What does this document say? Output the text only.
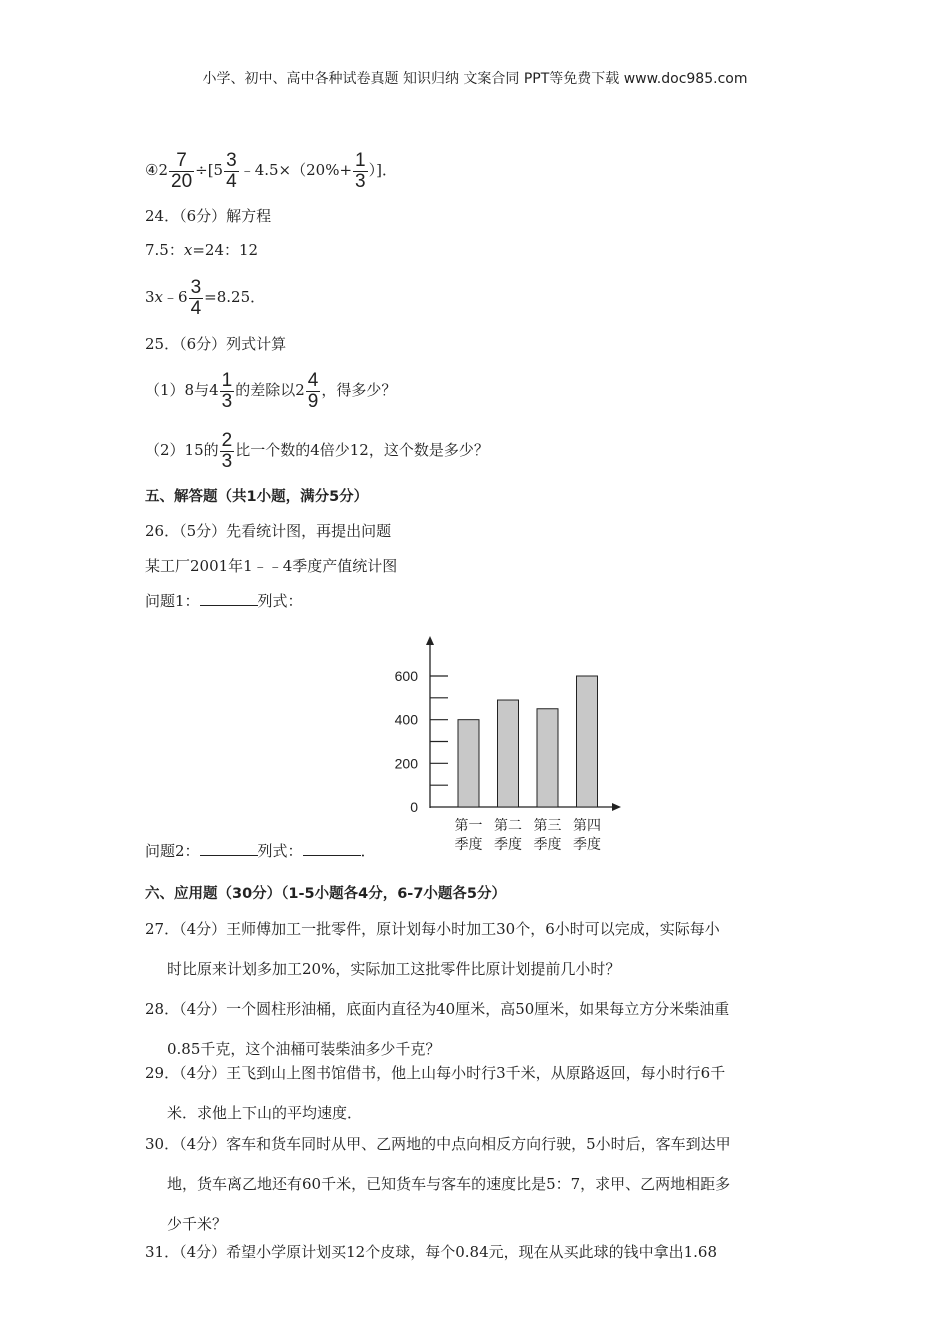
小学、初中、高中各种试卷真题 知识归纳 文案合同 PPT等免费下载 www.doc985.com
④2 $\frac{7}{20} \div[5 \frac{3}{4}$ ﹣4.5×（20%+ $\frac{1}{3}$ ）]．
24．（6分）解方程
7.5：x=24：12
3x﹣6 $\frac{3}{4} =8.25$．
25．（6分）列式计算
（1）8与$4 \frac{1}{3}$ 的差除以$2 \frac{4}{9}$ ，得多少？
（2）15的 $\frac{2}{3}$ 比一个数的4倍少12，这个数是多少？
五、解答题（共1小题，满分5分）
26．（5分）先看统计图，再提出问题
某工厂2001年1﹣﹣4季度产值统计图
问题1：	列式：
0
200
400
600
第一
季度
第二
季度
第三
季度
第四
季度
问题2：	列式：	．
六、应用题（30分）（1-5小题各4分，6-7小题各5分）
27．（4分）王师傅加工一批零件，原计划每小时加工30个，6小时可以完成，实际每小
时比原来计划多加工20%，实际加工这批零件比原计划提前几小时？
28．（4分）一个圆柱形油桶，底面内直径为40厘米，高50厘米，如果每立方分米柴油重
0.85千克，这个油桶可装柴油多少千克？
29．（4分）王飞到山上图书馆借书，他上山每小时行3千米，从原路返回，每小时行6千
米．求他上下山的平均速度．
30．（4分）客车和货车同时从甲、乙两地的中点向相反方向行驶，5小时后，客车到达甲
地，货车离乙地还有60千米，已知货车与客车的速度比是5：7，求甲、乙两地相距多
少千米？
31．（4分）希望小学原计划买12个皮球，每个0.84元，现在从买此球的钱中拿出1.68
